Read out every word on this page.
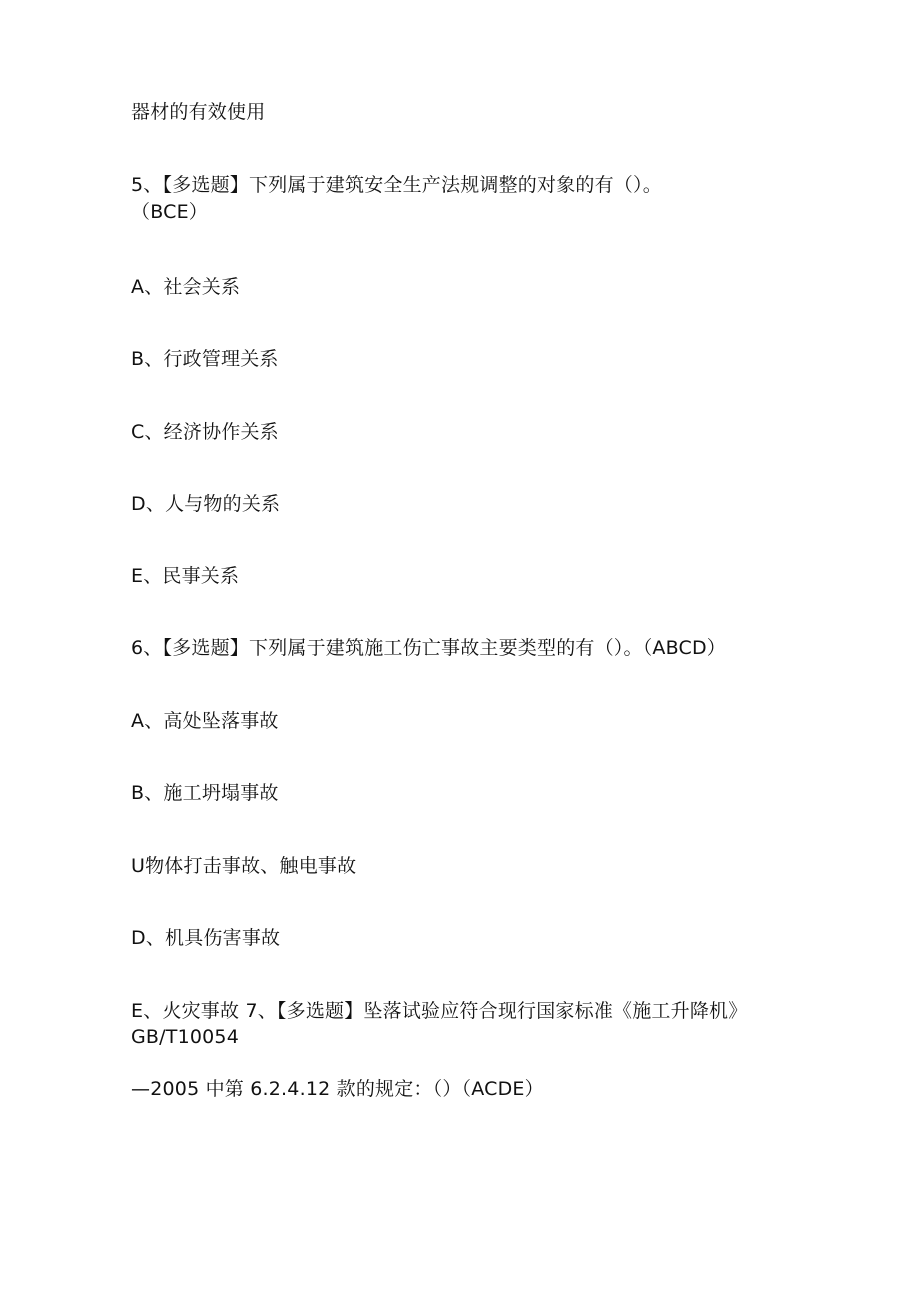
器材的有效使用
5、【多选题】下列属于建筑安全生产法规调整的对象的有（）。
（BCE）
A、社会关系
B、行政管理关系
C、经济协作关系
D、人与物的关系
E、民事关系
6、【多选题】下列属于建筑施工伤亡事故主要类型的有（）。（ABCD）
A、高处坠落事故
B、施工坍塌事故
U物体打击事故、触电事故
D、机具伤害事故
E、火灾事故 7、【多选题】坠落试验应符合现行国家标准《施工升降机》
GB/T10054
—2005 中第 6.2.4.12 款的规定：（）（ACDE）
